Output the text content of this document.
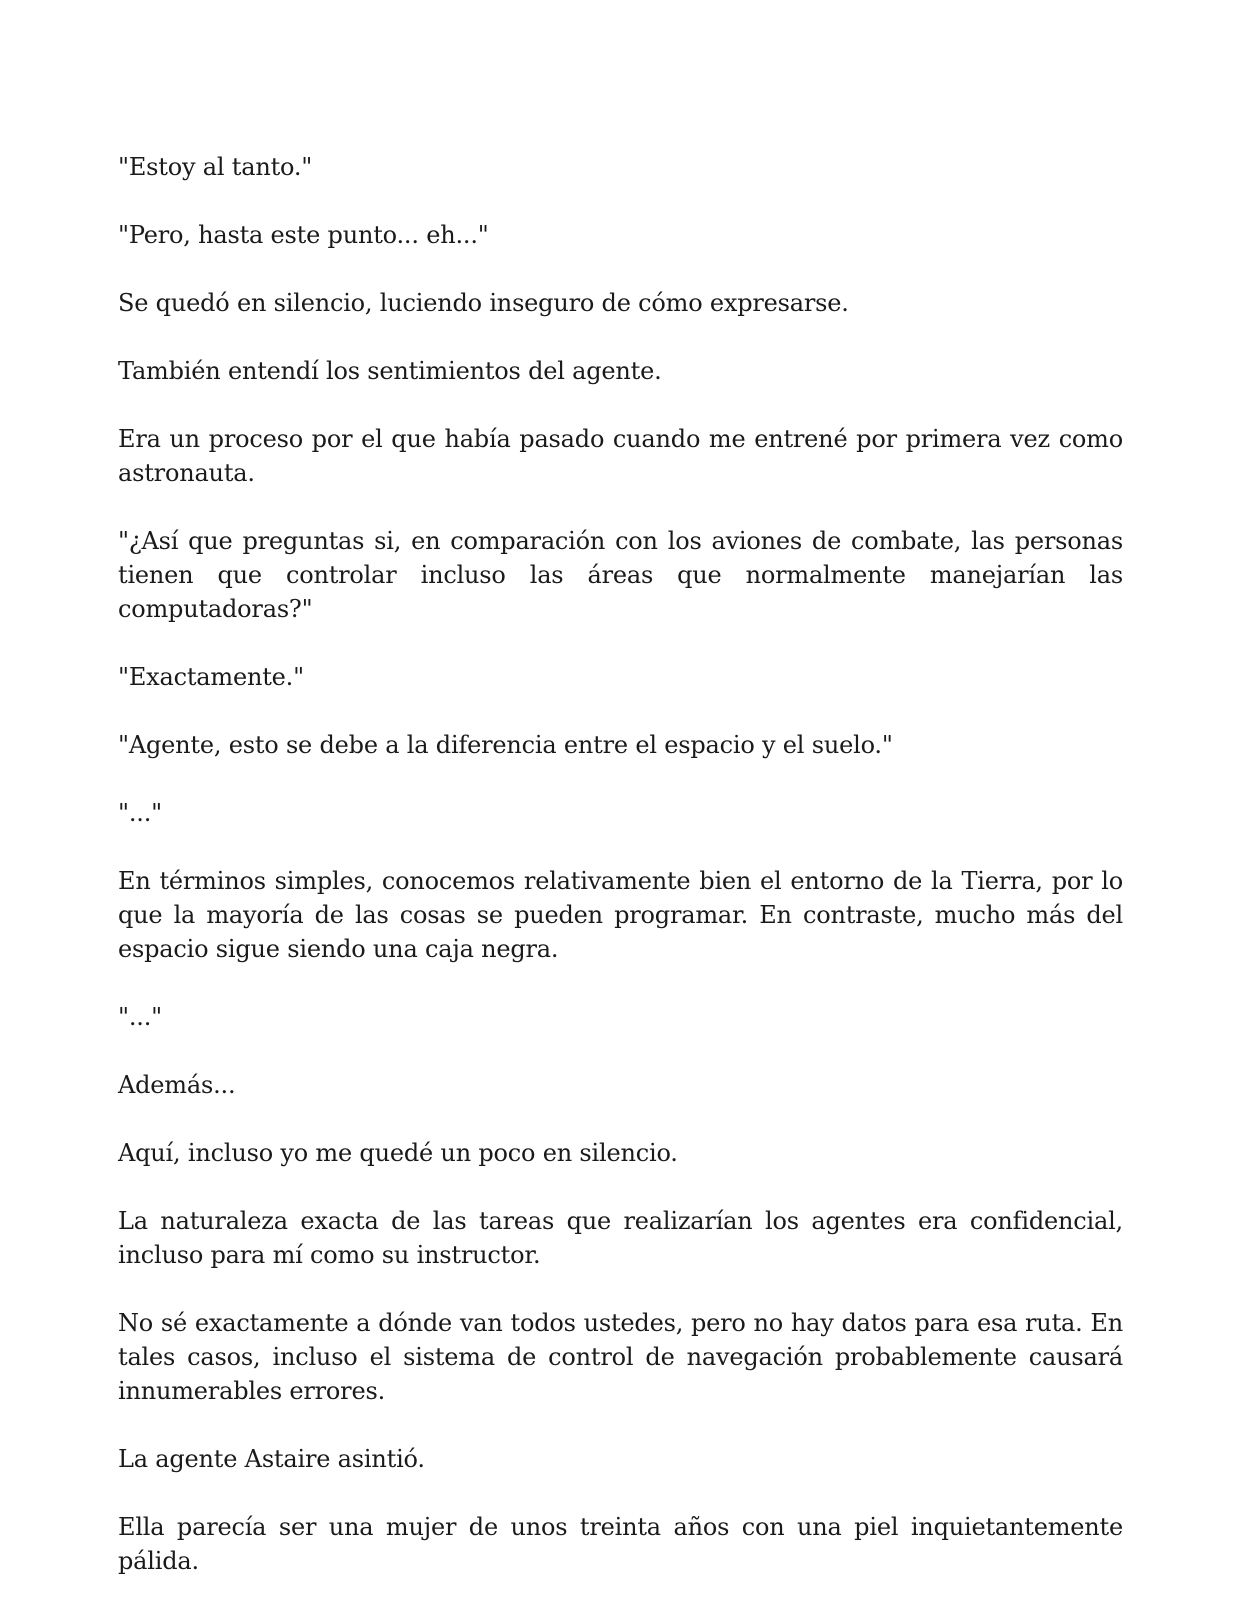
"Estoy al tanto."

"Pero, hasta este punto... eh..."

Se quedó en silencio, luciendo inseguro de cómo expresarse.

También entendí los sentimientos del agente.

Era un proceso por el que había pasado cuando me entrené por primera vez como astronauta.

"¿Así que preguntas si, en comparación con los aviones de combate, las personas tienen que controlar incluso las áreas que normalmente manejarían las computadoras?"

"Exactamente."

"Agente, esto se debe a la diferencia entre el espacio y el suelo."

"..."

En términos simples, conocemos relativamente bien el entorno de la Tierra, por lo que la mayoría de las cosas se pueden programar. En contraste, mucho más del espacio sigue siendo una caja negra.

"..."

Además...

Aquí, incluso yo me quedé un poco en silencio.

La naturaleza exacta de las tareas que realizarían los agentes era confidencial, incluso para mí como su instructor.

No sé exactamente a dónde van todos ustedes, pero no hay datos para esa ruta. En tales casos, incluso el sistema de control de navegación probablemente causará innumerables errores.

La agente Astaire asintió.

Ella parecía ser una mujer de unos treinta años con una piel inquietantemente pálida.
